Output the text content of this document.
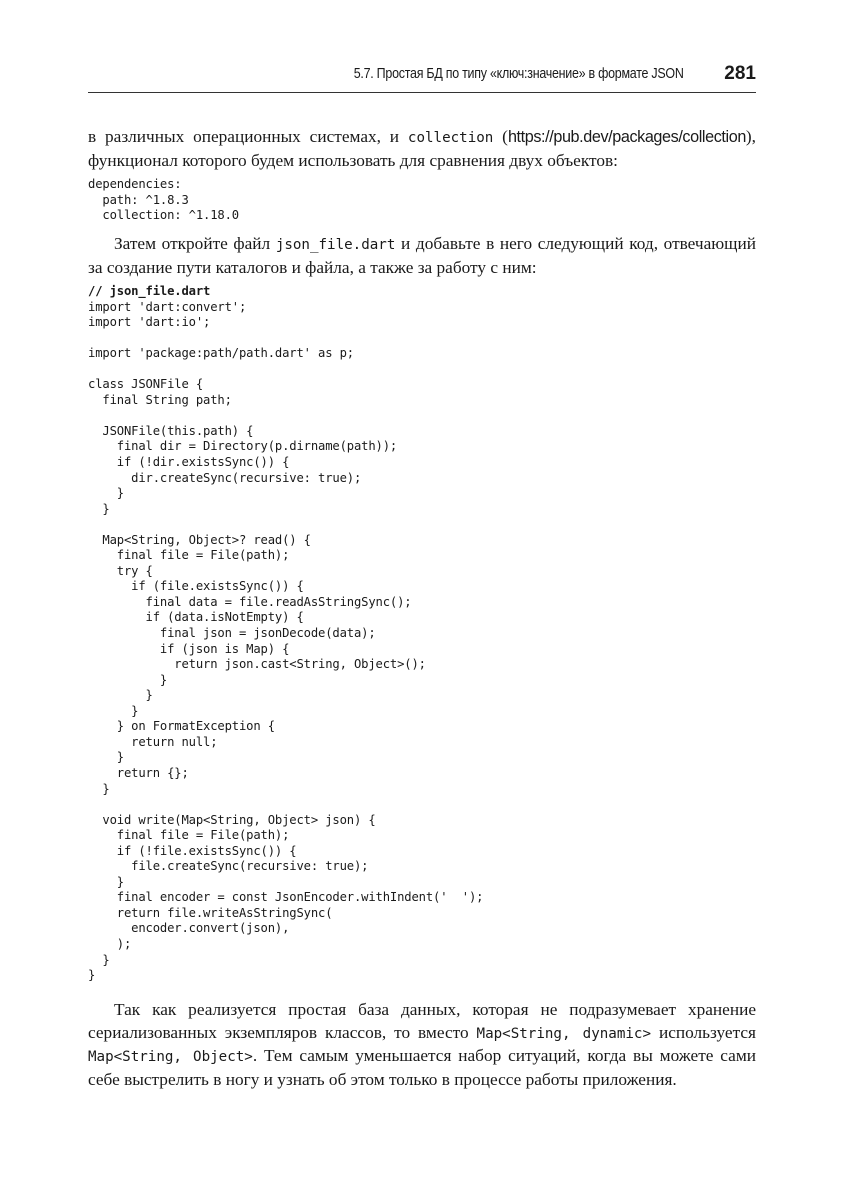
5.7. Простая БД по типу «ключ:значение» в формате JSON 281

в различных операционных системах, и collection (https://pub.dev/packages/collection), функционал которого будем использовать для сравнения двух объектов:

dependencies:
path: ^1.8.3
collection: ^1.18.0

Затем откройте файл json_file.dart и добавьте в него следующий код, отвечающий за создание пути каталогов и файла, а также за работу с ним:

// json_file.dart
import 'dart:convert';
import 'dart:io';
import 'package:path/path.dart' as p;
class JSONFile {
final String path;
JSONFile(this.path) {
final dir = Directory(p.dirname(path));
if (!dir.existsSync()) {
dir.createSync(recursive: true);
}
}
Map<String, Object>? read() {
final file = File(path);
try {
if (file.existsSync()) {
final data = file.readAsStringSync();
if (data.isNotEmpty) {
final json = jsonDecode(data);
if (json is Map) {
return json.cast<String, Object>();
}
}
}
} on FormatException {
return null;
}
return {};
}
void write(Map<String, Object> json) {
final file = File(path);
if (!file.existsSync()) {
file.createSync(recursive: true);
}
final encoder = const JsonEncoder.withIndent('  ');
return file.writeAsStringSync(
encoder.convert(json),
);
}
}

Так как реализуется простая база данных, которая не подразумевает хранение сериализованных экземпляров классов, то вместо Map<String, dynamic> используется Map<String, Object>. Тем самым уменьшается набор ситуаций, когда вы можете сами себе выстрелить в ногу и узнать об этом только в процессе работы приложения.
